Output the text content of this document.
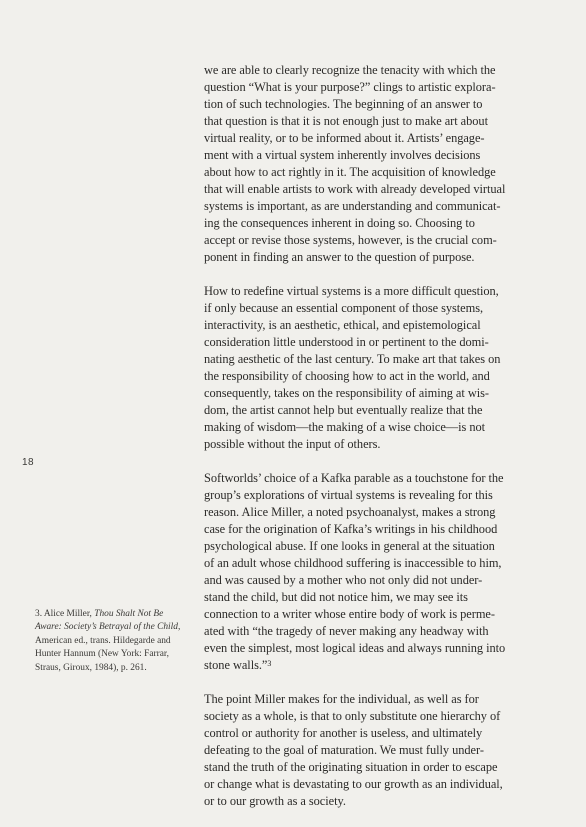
18
we are able to clearly recognize the tenacity with which the
question “What is your purpose?” clings to artistic explora-
tion of such technologies. The beginning of an answer to
that question is that it is not enough just to make art about
virtual reality, or to be informed about it. Artists’ engage-
ment with a virtual system inherently involves decisions
about how to act rightly in it. The acquisition of knowledge
that will enable artists to work with already developed virtual
systems is important, as are understanding and communicat-
ing the consequences inherent in doing so. Choosing to
accept or revise those systems, however, is the crucial com-
ponent in finding an answer to the question of purpose.
How to redefine virtual systems is a more difficult question,
if only because an essential component of those systems,
interactivity, is an aesthetic, ethical, and epistemological
consideration little understood in or pertinent to the domi-
nating aesthetic of the last century. To make art that takes on
the responsibility of choosing how to act in the world, and
consequently, takes on the responsibility of aiming at wis-
dom, the artist cannot help but eventually realize that the
making of wisdom—the making of a wise choice—is not
possible without the input of others.
Softworlds’ choice of a Kafka parable as a touchstone for the
group’s explorations of virtual systems is revealing for this
reason. Alice Miller, a noted psychoanalyst, makes a strong
case for the origination of Kafka’s writings in his childhood
psychological abuse. If one looks in general at the situation
of an adult whose childhood suffering is inaccessible to him,
and was caused by a mother who not only did not under-
stand the child, but did not notice him, we may see its
connection to a writer whose entire body of work is perme-
ated with “the tragedy of never making any headway with
even the simplest, most logical ideas and always running into
stone walls.”$^3$
The point Miller makes for the individual, as well as for
society as a whole, is that to only substitute one hierarchy of
control or authority for another is useless, and ultimately
defeating to the goal of maturation. We must fully under-
stand the truth of the originating situation in order to escape
or change what is devastating to our growth as an individual,
or to our growth as a society.
3. Alice Miller, Thou Shalt Not Be
Aware: Society’s Betrayal of the Child,
American ed., trans. Hildegarde and
Hunter Hannum (New York: Farrar,
Straus, Giroux, 1984), p. 261.
